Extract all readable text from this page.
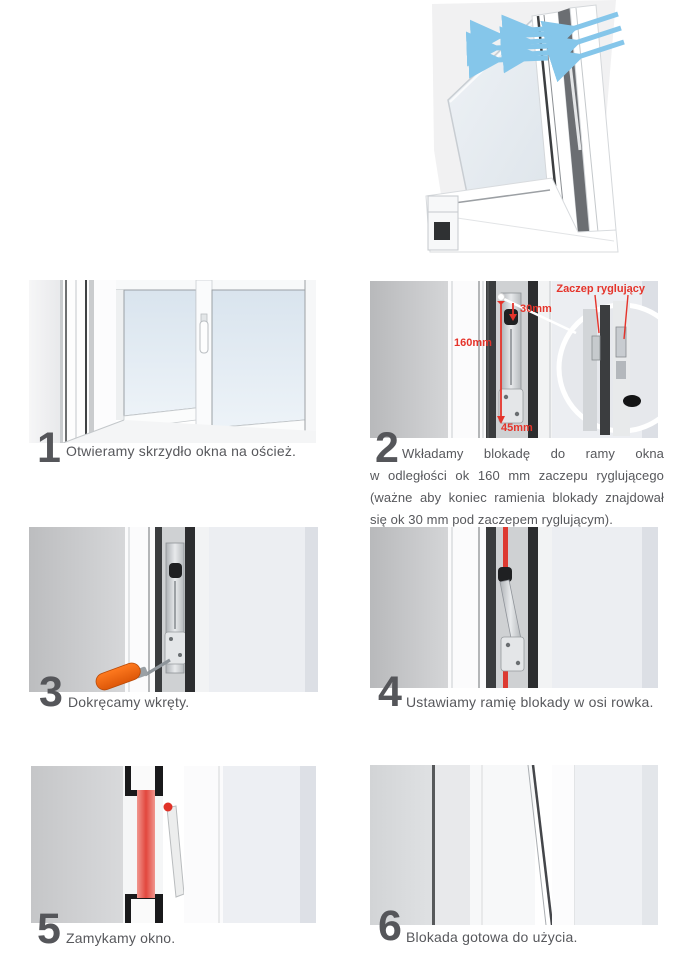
Zaczep ryglujący
30mm
160mm
45mm
1 Otwieramy skrzydło okna na oścież. 2 Wkładamy blokadę do ramy okna w odległości ok 160 mm zaczepu ryglującego (ważne aby koniec ramienia blokady znajdował się ok 30 mm pod zaczepem ryglującym).

3 Dokręcamy wkręty.	4 Ustawiamy ramię blokady w osi rowka.
5 Zamykamy okno.	6 Blokada gotowa do użycia.
